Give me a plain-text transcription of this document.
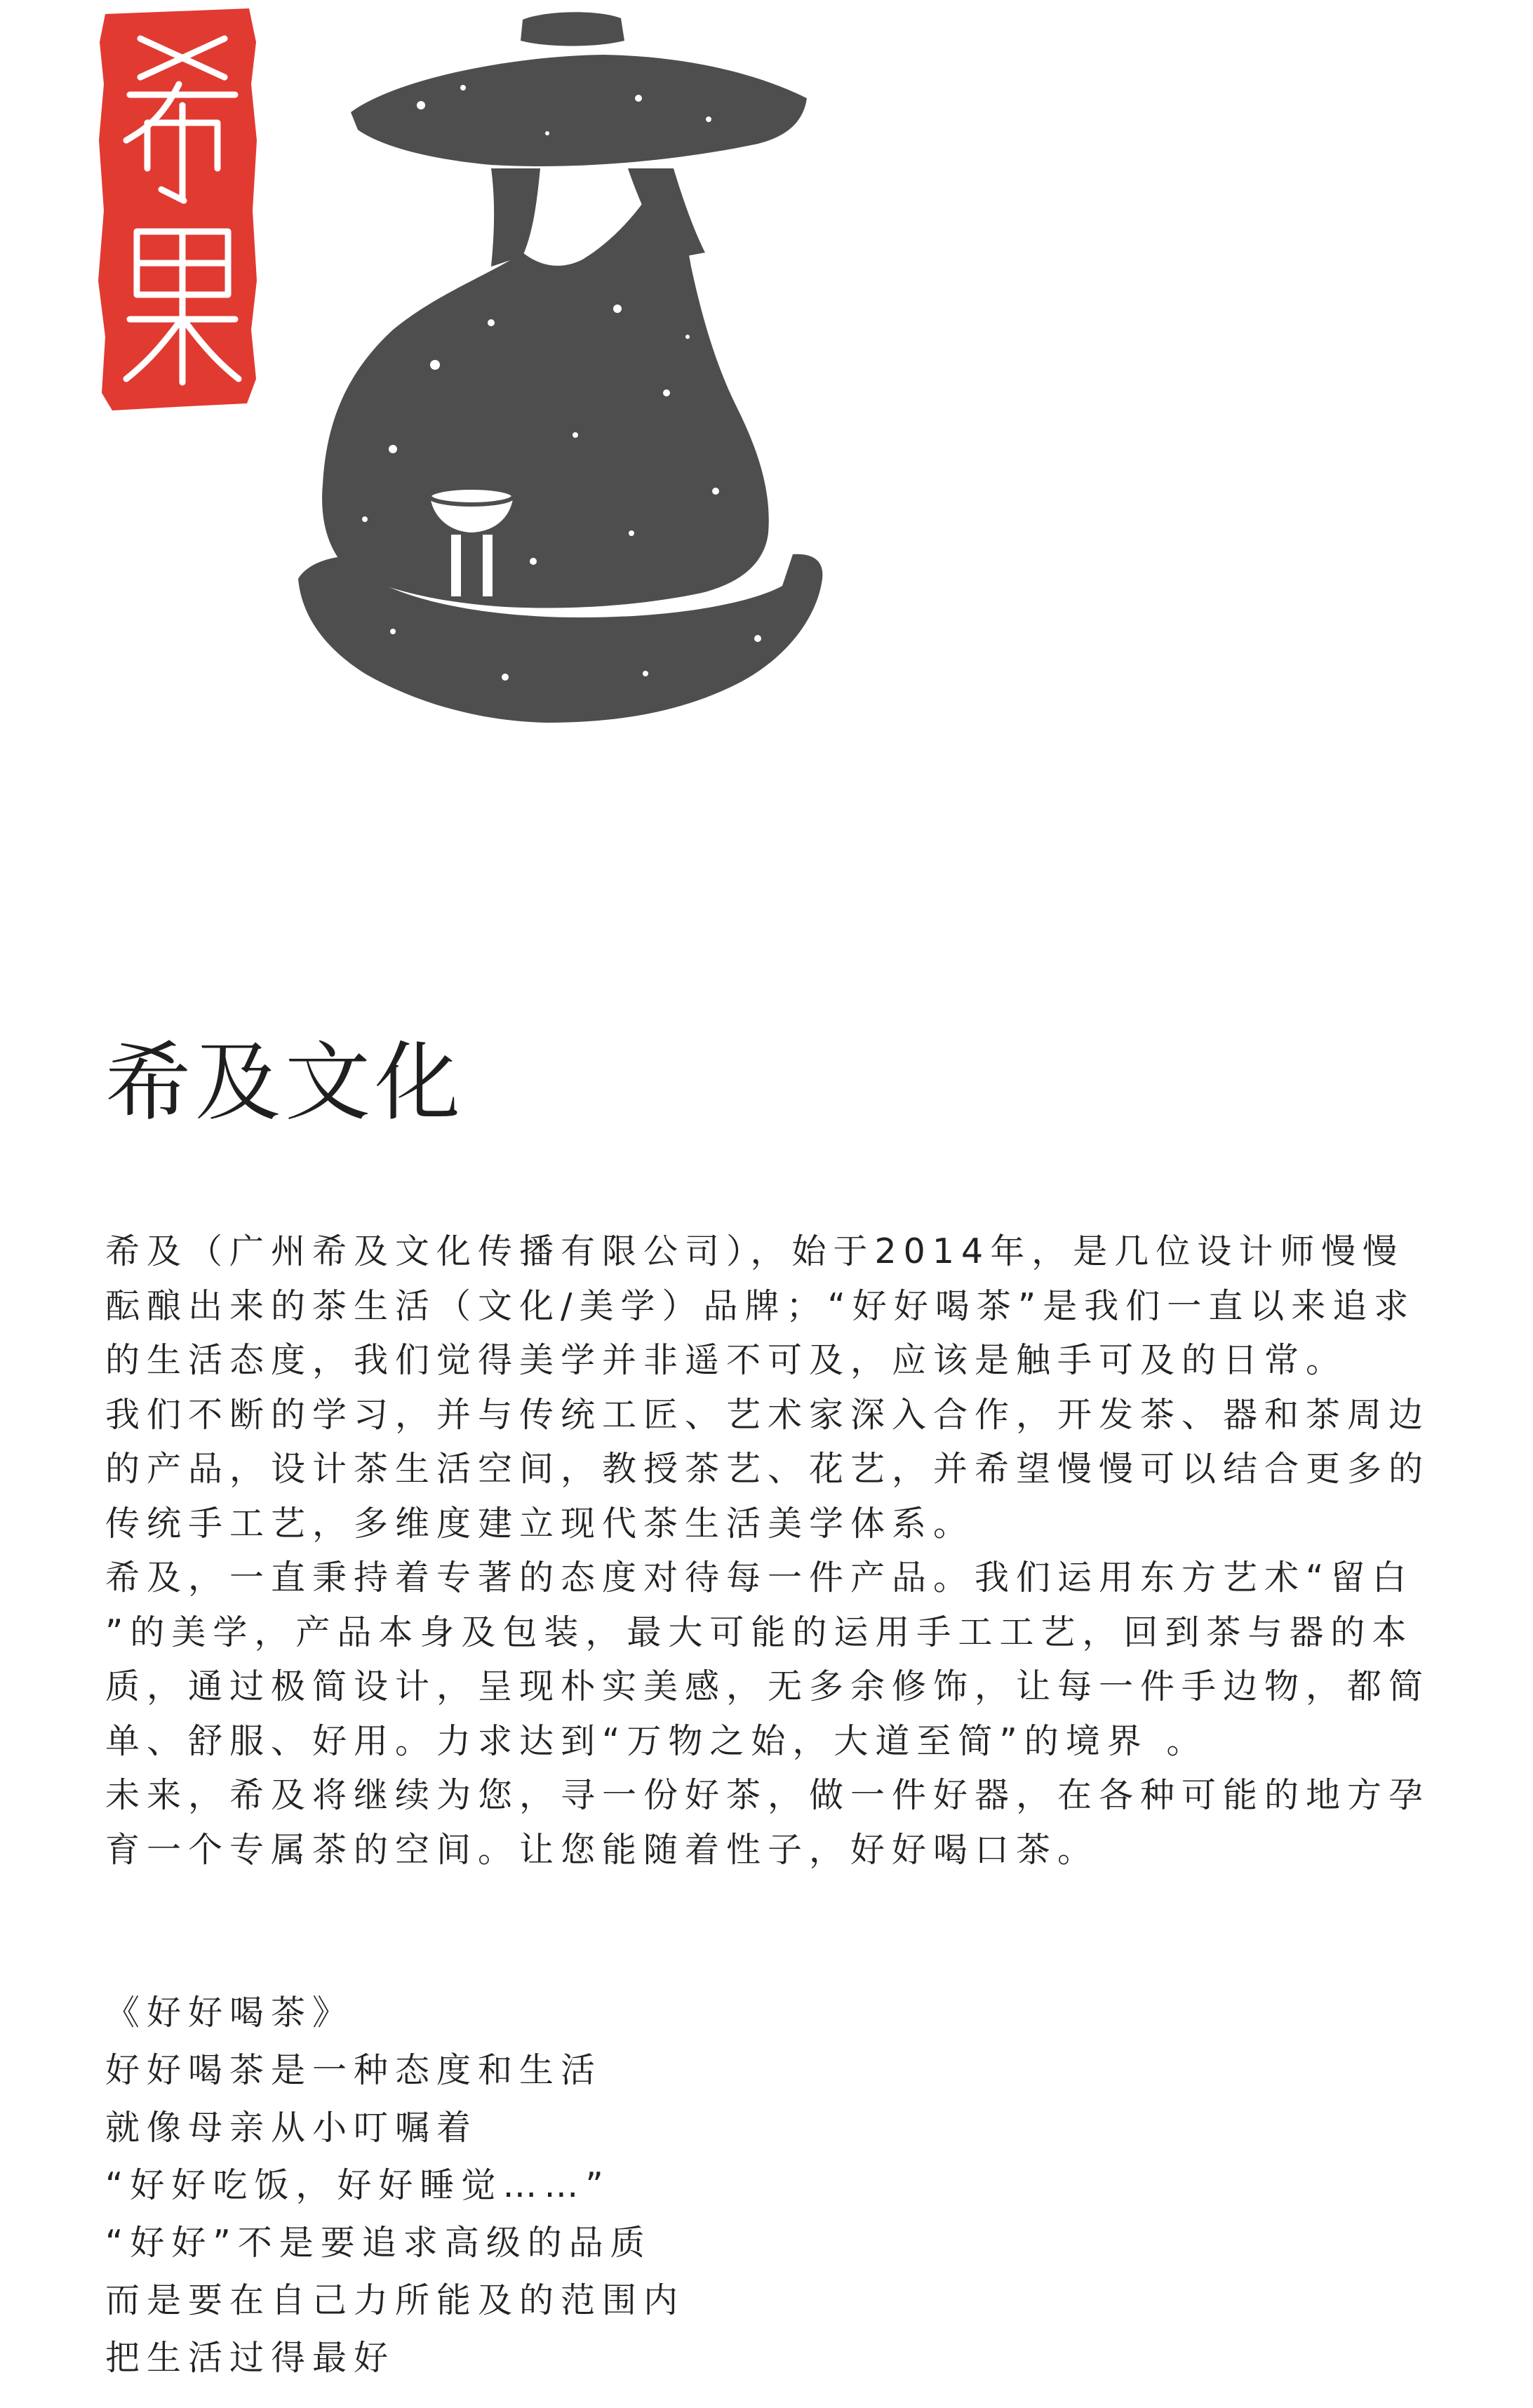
希及文化
希及（广州希及文化传播有限公司），始于2014年，是几位设计师慢慢
酝酿出来的茶生活（文化/美学）品牌；“好好喝茶”是我们一直以来追求
的生活态度，我们觉得美学并非遥不可及，应该是触手可及的日常。
我们不断的学习，并与传统工匠、艺术家深入合作，开发茶、器和茶周边
的产品，设计茶生活空间，教授茶艺、花艺，并希望慢慢可以结合更多的
传统手工艺，多维度建立现代茶生活美学体系。
希及，一直秉持着专著的态度对待每一件产品。我们运用东方艺术“留白
”的美学，产品本身及包装，最大可能的运用手工工艺，回到茶与器的本
质，通过极简设计，呈现朴实美感，无多余修饰，让每一件手边物，都简
单、舒服、好用。力求达到“万物之始，大道至简”的境界 。
未来，希及将继续为您，寻一份好茶，做一件好器，在各种可能的地方孕
育一个专属茶的空间。让您能随着性子，好好喝口茶。
《好好喝茶》
好好喝茶是一种态度和生活
就像母亲从小叮嘱着
“好好吃饭，好好睡觉……”
“好好”不是要追求高级的品质
而是要在自己力所能及的范围内
把生活过得最好
